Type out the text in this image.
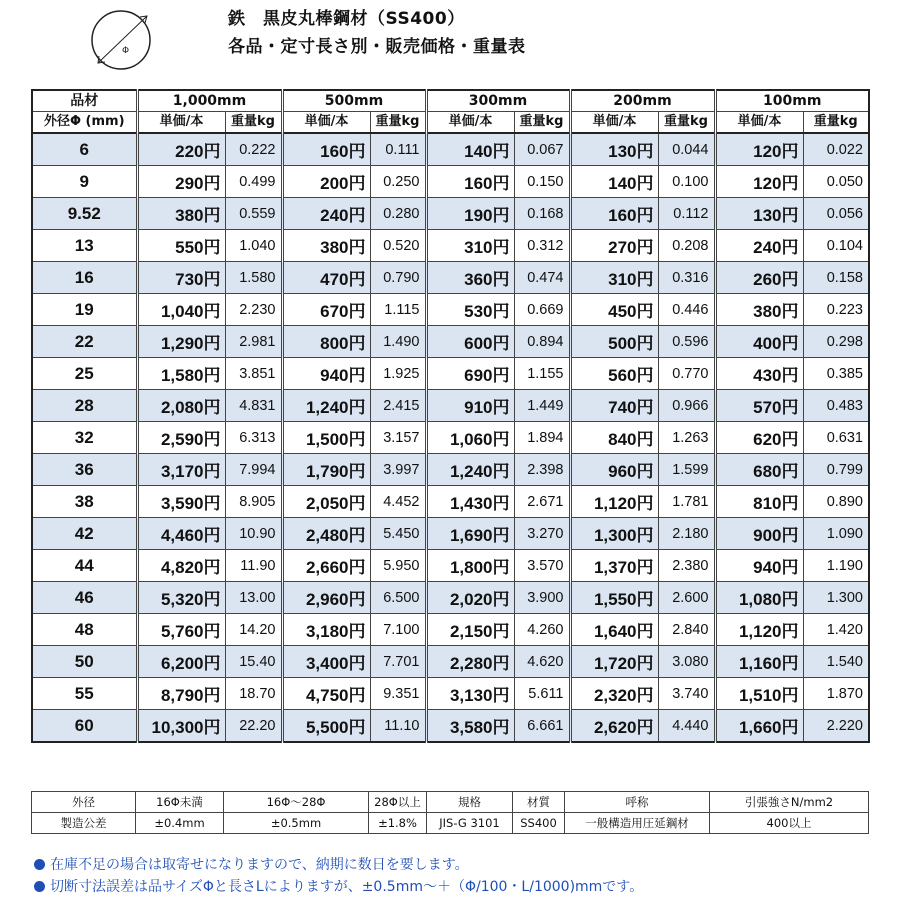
Φ
鉄　黒皮丸棒鋼材（SS400）
各品・定寸長さ別・販売価格・重量表
品材	1,000mm		500mm		300mm		200mm		100mm	
外径Φ (mm)	単価/本	重量kg	単価/本	重量kg	単価/本	重量kg	単価/本	重量kg	単価/本	重量kg
6	220円	0.222	160円	0.111	140円	0.067	130円	0.044	120円	0.022
9	290円	0.499	200円	0.250	160円	0.150	140円	0.100	120円	0.050
9.52	380円	0.559	240円	0.280	190円	0.168	160円	0.112	130円	0.056
13	550円	1.040	380円	0.520	310円	0.312	270円	0.208	240円	0.104
16	730円	1.580	470円	0.790	360円	0.474	310円	0.316	260円	0.158
19	1,040円	2.230	670円	1.115	530円	0.669	450円	0.446	380円	0.223
22	1,290円	2.981	800円	1.490	600円	0.894	500円	0.596	400円	0.298
25	1,580円	3.851	940円	1.925	690円	1.155	560円	0.770	430円	0.385
28	2,080円	4.831	1,240円	2.415	910円	1.449	740円	0.966	570円	0.483
32	2,590円	6.313	1,500円	3.157	1,060円	1.894	840円	1.263	620円	0.631
36	3,170円	7.994	1,790円	3.997	1,240円	2.398	960円	1.599	680円	0.799
38	3,590円	8.905	2,050円	4.452	1,430円	2.671	1,120円	1.781	810円	0.890
42	4,460円	10.90	2,480円	5.450	1,690円	3.270	1,300円	2.180	900円	1.090
44	4,820円	11.90	2,660円	5.950	1,800円	3.570	1,370円	2.380	940円	1.190
46	5,320円	13.00	2,960円	6.500	2,020円	3.900	1,550円	2.600	1,080円	1.300
48	5,760円	14.20	3,180円	7.100	2,150円	4.260	1,640円	2.840	1,120円	1.420
50	6,200円	15.40	3,400円	7.701	2,280円	4.620	1,720円	3.080	1,160円	1.540
55	8,790円	18.70	4,750円	9.351	3,130円	5.611	2,320円	3.740	1,510円	1.870
60	10,300円	22.20	5,500円	11.10	3,580円	6.661	2,620円	4.440	1,660円	2.220
外径	16Φ未満	16Φ～28Φ	28Φ以上	規格	材質	呼称	引張強さN/mm2
製造公差	±0.4mm	±0.5mm	±1.8%	JIS-G 3101	SS400	一般構造用圧延鋼材	400以上
在庫不足の場合は取寄せになりますので、納期に数日を要します。
切断寸法誤差は品サイズΦと長さLによりますが、±0.5mm～＋（Φ/100・L/1000)mmです。
